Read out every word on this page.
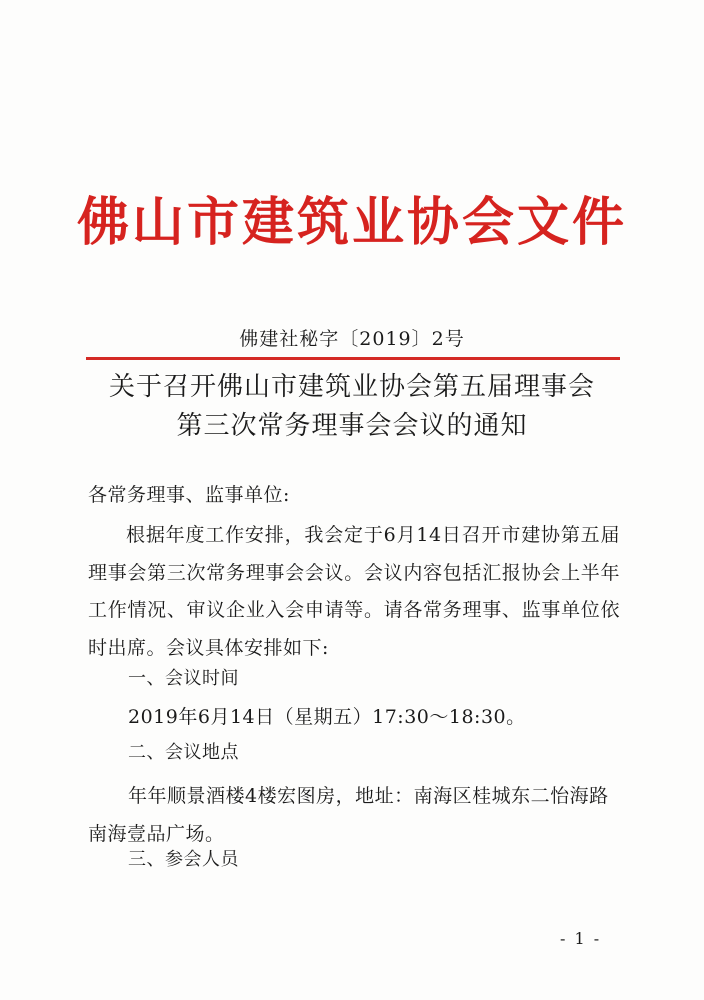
佛山市建筑业协会文件
佛建社秘字〔2019〕2号
关于召开佛山市建筑业协会第五届理事会
第三次常务理事会会议的通知
各常务理事、监事单位:
根据年度工作安排，我会定于6月14日召开市建协第五届理事会第三次常务理事会会议。会议内容包括汇报协会上半年工作情况、审议企业入会申请等。请各常务理事、监事单位依时出席。会议具体安排如下:
一、会议时间
2019年6月14日（星期五）17:30～18:30。
二、会议地点
年年顺景酒楼4楼宏图房，地址：南海区桂城东二怡海路南海壹品广场。
三、参会人员
- 1 -
